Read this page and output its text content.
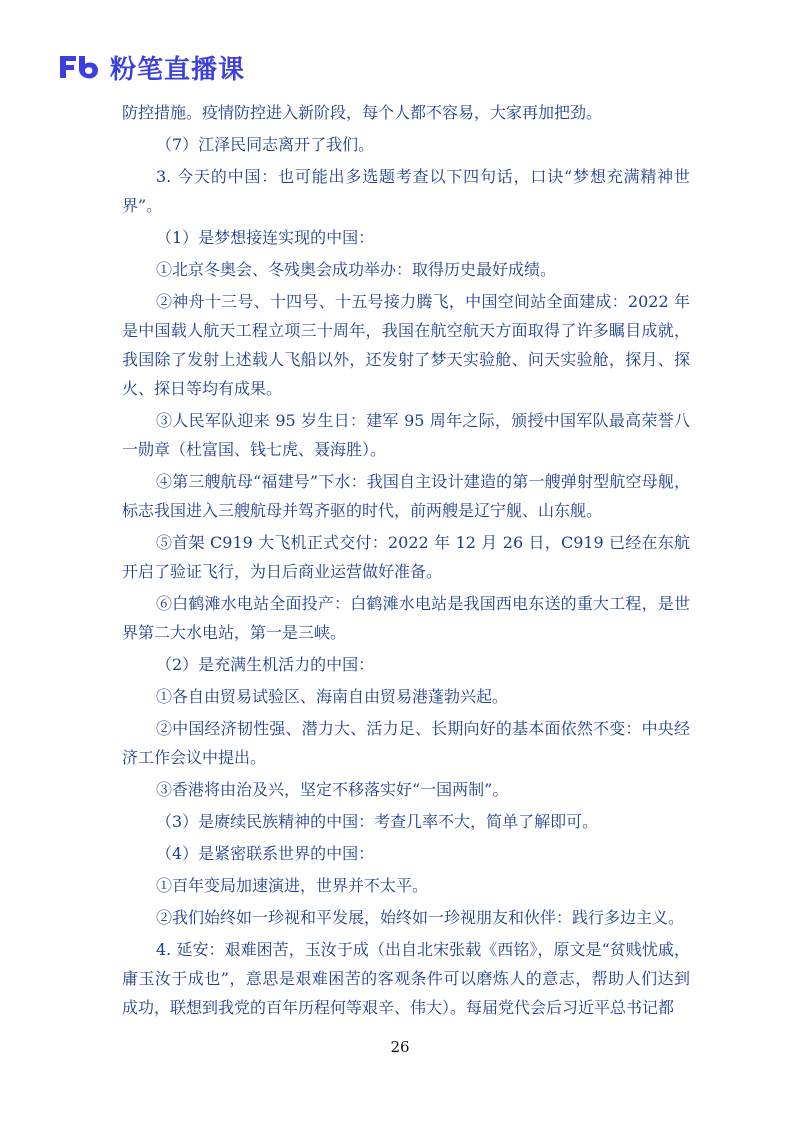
粉笔直播课

防控措施。疫情防控进入新阶段，每个人都不容易，大家再加把劲。

（7）江泽民同志离开了我们。

3. 今天的中国：也可能出多选题考查以下四句话，口诀“梦想充满精神世界”。

（1）是梦想接连实现的中国：

①北京冬奥会、冬残奥会成功举办：取得历史最好成绩。

②神舟十三号、十四号、十五号接力腾飞，中国空间站全面建成：2022 年是中国载人航天工程立项三十周年，我国在航空航天方面取得了许多瞩目成就，我国除了发射上述载人飞船以外，还发射了梦天实验舱、问天实验舱，探月、探火、探日等均有成果。

③人民军队迎来 95 岁生日：建军 95 周年之际，颁授中国军队最高荣誉八一勋章（杜富国、钱七虎、聂海胜）。

④第三艘航母“福建号”下水：我国自主设计建造的第一艘弹射型航空母舰，标志我国进入三艘航母并驾齐驱的时代，前两艘是辽宁舰、山东舰。

⑤首架 C919 大飞机正式交付：2022 年 12 月 26 日，C919 已经在东航开启了验证飞行，为日后商业运营做好准备。

⑥白鹤滩水电站全面投产：白鹤滩水电站是我国西电东送的重大工程，是世界第二大水电站，第一是三峡。

（2）是充满生机活力的中国：

①各自由贸易试验区、海南自由贸易港蓬勃兴起。

②中国经济韧性强、潜力大、活力足、长期向好的基本面依然不变：中央经济工作会议中提出。

③香港将由治及兴，坚定不移落实好“一国两制”。

（3）是赓续民族精神的中国：考查几率不大，简单了解即可。

（4）是紧密联系世界的中国：

①百年变局加速演进，世界并不太平。

②我们始终如一珍视和平发展，始终如一珍视朋友和伙伴：践行多边主义。

4. 延安：艰难困苦，玉汝于成（出自北宋张载《西铭》，原文是“贫贱忧戚，庸玉汝于成也”，意思是艰难困苦的客观条件可以磨炼人的意志，帮助人们达到成功，联想到我党的百年历程何等艰辛、伟大）。每届党代会后习近平总书记都

26
